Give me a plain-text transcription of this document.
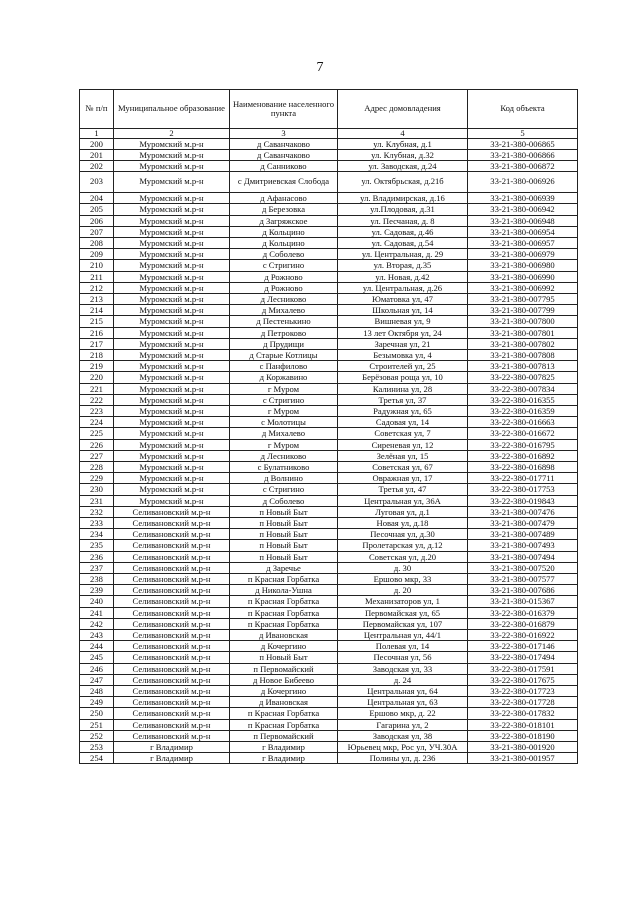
7
№ п/п	Муниципальное образование	Наименование населенного пункта	Адрес домовладения	Код объекта
1	2	3	4	5
200	Муромский м.р-н	д Саванчаково	ул. Клубная, д.1	33-21-380-006865
201	Муромский м.р-н	д Саванчаково	ул. Клубная, д.32	33-21-380-006866
202	Муромский м.р-н	д Санниково	ул. Заводская, д.24	33-21-380-006872
203	Муромский м.р-н	с Дмитриевская Слобода	ул. Октябрьская, д.21б	33-21-380-006926
204	Муромский м.р-н	д Афанасово	ул. Владимирская, д.16	33-21-380-006939
205	Муромский м.р-н	д Березовка	ул.Плодовая, д.31	33-21-380-006942
206	Муромский м.р-н	д Загряжское	ул. Песчаная, д. 8	33-21-380-006948
207	Муромский м.р-н	д Кольцино	ул. Садовая, д.46	33-21-380-006954
208	Муромский м.р-н	д Кольцино	ул. Садовая, д.54	33-21-380-006957
209	Муромский м.р-н	д Соболево	ул. Центральная, д. 29	33-21-380-006979
210	Муромский м.р-н	с Стригино	ул. Вторая, д.35	33-21-380-006980
211	Муромский м.р-н	д Рожново	ул. Новая, д.42	33-21-380-006990
212	Муромский м.р-н	д Рожново	ул. Центральная, д.26	33-21-380-006992
213	Муромский м.р-н	д Лесниково	Юматовка ул, 47	33-21-380-007795
214	Муромский м.р-н	д Михалево	Школьная ул, 14	33-21-380-007799
215	Муромский м.р-н	д Пестенькино	Вишневая ул, 9	33-21-380-007800
216	Муромский м.р-н	д Петроково	13 лет Октября ул, 24	33-21-380-007801
217	Муромский м.р-н	д Прудищи	Заречная ул, 21	33-21-380-007802
218	Муромский м.р-н	д Старые Котлицы	Безымовка ул, 4	33-21-380-007808
219	Муромский м.р-н	с Панфилово	Строителей ул, 25	33-21-380-007813
220	Муромский м.р-н	д Коржавино	Берёзовая роща ул, 10	33-22-380-007825
221	Муромский м.р-н	г Муром	Калинина ул, 28	33-22-380-007834
222	Муромский м.р-н	с Стригино	Третья ул, 37	33-22-380-016355
223	Муромский м.р-н	г Муром	Радужная ул, 65	33-22-380-016359
224	Муромский м.р-н	с Молотицы	Садовая ул, 14	33-22-380-016663
225	Муромский м.р-н	д Михалево	Советская ул, 7	33-22-380-016672
226	Муромский м.р-н	г Муром	Сиреневая ул, 12	33-22-380-016795
227	Муромский м.р-н	д Лесниково	Зелёная ул, 15	33-22-380-016892
228	Муромский м.р-н	с Булатниково	Советская ул, 67	33-22-380-016898
229	Муромский м.р-н	д Волнино	Овражная ул, 17	33-22-380-017711
230	Муромский м.р-н	с Стригино	Третья ул, 47	33-22-380-017753
231	Муромский м.р-н	д Соболево	Центральная ул, 36А	33-22-380-019843
232	Селивановский м.р-н	п Новый Быт	Луговая ул, д.1	33-21-380-007476
233	Селивановский м.р-н	п Новый Быт	Новая ул, д.18	33-21-380-007479
234	Селивановский м.р-н	п Новый Быт	Песочная ул, д.30	33-21-380-007489
235	Селивановский м.р-н	п Новый Быт	Пролетарская ул, д.12	33-21-380-007493
236	Селивановский м.р-н	п Новый Быт	Советская ул, д.20	33-21-380-007494
237	Селивановский м.р-н	д Заречье	д. 30	33-21-380-007520
238	Селивановский м.р-н	п Красная Горбатка	Ершово мкр, 33	33-21-380-007577
239	Селивановский м.р-н	д Никола-Ушна	д. 20	33-21-380-007686
240	Селивановский м.р-н	п Красная Горбатка	Механизаторов ул, 1	33-21-380-015367
241	Селивановский м.р-н	п Красная Горбатка	Первомайская ул, 65	33-22-380-016379
242	Селивановский м.р-н	п Красная Горбатка	Первомайская ул, 107	33-22-380-016879
243	Селивановский м.р-н	д Ивановская	Центральная ул, 44/1	33-22-380-016922
244	Селивановский м.р-н	д Кочергино	Полевая ул, 14	33-22-380-017146
245	Селивановский м.р-н	п Новый Быт	Песочная ул, 56	33-22-380-017494
246	Селивановский м.р-н	п Первомайский	Заводская ул, 33	33-22-380-017591
247	Селивановский м.р-н	д Новое Бибеево	д. 24	33-22-380-017675
248	Селивановский м.р-н	д Кочергино	Центральная ул, 64	33-22-380-017723
249	Селивановский м.р-н	д Ивановская	Центральная ул, 63	33-22-380-017728
250	Селивановский м.р-н	п Красная Горбатка	Ершово мкр, д. 22	33-22-380-017832
251	Селивановский м.р-н	п Красная Горбатка	Гагарина ул, 2	33-22-380-018101
252	Селивановский м.р-н	п Первомайский	Заводская ул, 38	33-22-380-018190
253	г Владимир	г Владимир	Юрьевец мкр, Рос ул, УЧ.30А	33-21-380-001920
254	г Владимир	г Владимир	Полины ул, д. 236	33-21-380-001957
